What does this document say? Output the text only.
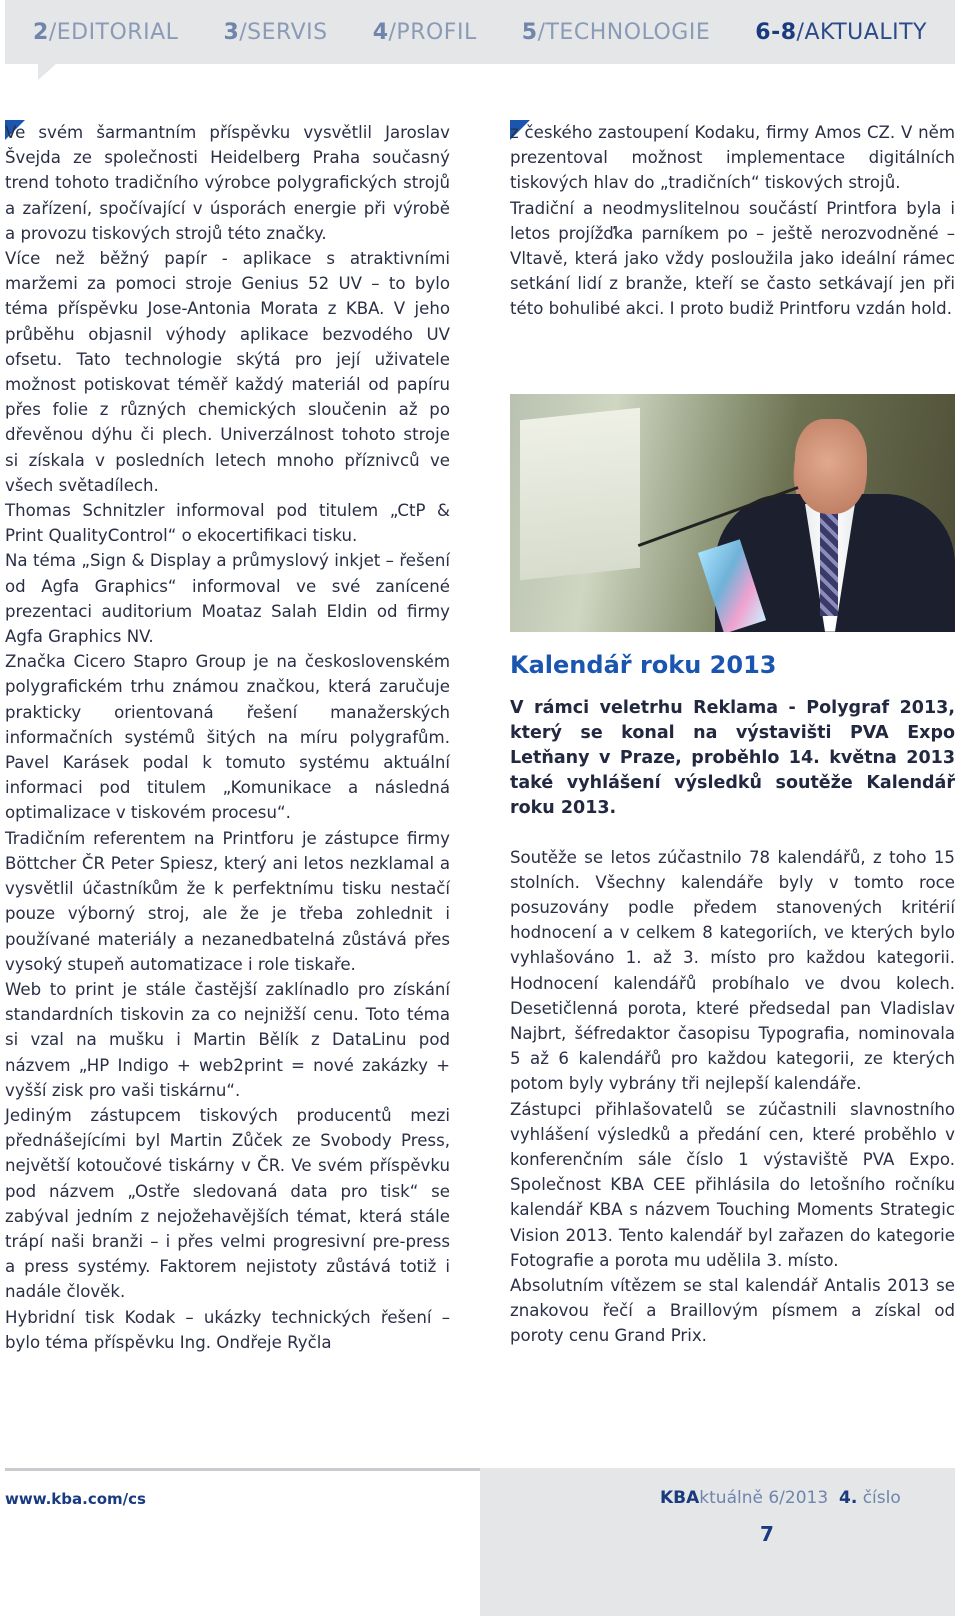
2/EDITORIAL 3/SERVIS 4/PROFIL 5/TECHNOLOGIE 6-8/AKTUALITY

Ve svém šarmantním příspěvku vysvětlil Jaroslav Švejda ze společnosti Heidelberg Praha současný trend tohoto tradičního výrobce polygrafických strojů a zařízení, spočívající v úsporách energie při výrobě a provozu tiskových strojů této značky.

Více než běžný papír - aplikace s atraktivními maržemi za pomoci stroje Genius 52 UV – to bylo téma příspěvku Jose-Antonia Morata z KBA. V jeho průběhu objasnil výhody aplikace bezvodého UV ofsetu. Tato technologie skýtá pro její uživatele možnost potiskovat téměř každý materiál od papíru přes folie z různých chemických sloučenin až po dřevěnou dýhu či plech. Univerzálnost tohoto stroje si získala v posledních letech mnoho příznivců ve všech světadílech.

Thomas Schnitzler informoval pod titulem „CtP & Print QualityControl“ o ekocertifikaci tisku.

Na téma „Sign & Display a průmyslový inkjet – řešení od Agfa Graphics“ informoval ve své zanícené prezentaci auditorium Moataz Salah Eldin od firmy Agfa Graphics NV.

Značka Cicero Stapro Group je na československém polygrafickém trhu známou značkou, která zaručuje prakticky orientovaná řešení manažerských informačních systémů šitých na míru polygrafům. Pavel Karásek podal k tomuto systému aktuální informaci pod titulem „Komunikace a následná optimalizace v tiskovém procesu“.

Tradičním referentem na Printforu je zástupce firmy Böttcher ČR Peter Spiesz, který ani letos nezklamal a vysvětlil účastníkům že k perfektnímu tisku nestačí pouze výborný stroj, ale že je třeba zohlednit i používané materiály a nezanedbatelná zůstává přes vysoký stupeň automatizace i role tiskaře.

Web to print je stále častější zaklínadlo pro získání standardních tiskovin za co nejnižší cenu. Toto téma si vzal na mušku i Martin Bělík z DataLinu pod názvem „HP Indigo + web2print = nové zakázky + vyšší zisk pro vaši tiskárnu“.

Jediným zástupcem tiskových producentů mezi přednášejícími byl Martin Zůček ze Svobody Press, největší kotoučové tiskárny v ČR. Ve svém příspěvku pod názvem „Ostře sledovaná data pro tisk“ se zabýval jedním z nejožehavějších témat, která stále trápí naši branži – i přes velmi progresivní pre-press a press systémy. Faktorem nejistoty zůstává totiž i nadále člověk.

Hybridní tisk Kodak – ukázky technických řešení – bylo téma příspěvku Ing. Ondřeje Ryčla

z českého zastoupení Kodaku, firmy Amos CZ. V něm prezentoval možnost implementace digitálních tiskových hlav do „tradičních“ tiskových strojů.

Tradiční a neodmyslitelnou součástí Printfora byla i letos projížďka parníkem po – ještě nerozvodněné – Vltavě, která jako vždy posloužila jako ideální rámec setkání lidí z branže, kteří se často setkávají jen při této bohulibé akci. I proto budiž Printforu vzdán hold.

Kalendář roku 2013
V rámci veletrhu Reklama - Polygraf 2013, který se konal na výstavišti PVA Expo Letňany v Praze, proběhlo 14. května 2013 také vyhlášení výsledků soutěže Kalendář roku 2013.

Soutěže se letos zúčastnilo 78 kalendářů, z toho 15 stolních. Všechny kalendáře byly v tomto roce posuzovány podle předem stanovených kritérií hodnocení a v celkem 8 kategoriích, ve kterých bylo vyhlašováno 1. až 3. místo pro každou kategorii. Hodnocení kalendářů probíhalo ve dvou kolech. Desetičlenná porota, které předsedal pan Vladislav Najbrt, šéfredaktor časopisu Typografia, nominovala 5 až 6 kalendářů pro každou kategorii, ze kterých potom byly vybrány tři nejlepší kalendáře.

Zástupci přihlašovatelů se zúčastnili slavnostního vyhlášení výsledků a předání cen, které proběhlo v konferenčním sále číslo 1 výstaviště PVA Expo. Společnost KBA CEE přihlásila do letošního ročníku kalendář KBA s názvem Touching Moments Strategic Vision 2013. Tento kalendář byl zařazen do kategorie Fotografie a porota mu udělila 3. místo.

Absolutním vítězem se stal kalendář Antalis 2013 se znakovou řečí a Braillovým písmem a získal od poroty cenu Grand Prix.

www.kba.com/cs	KBAktuálně 6/2013 4. číslo
7
